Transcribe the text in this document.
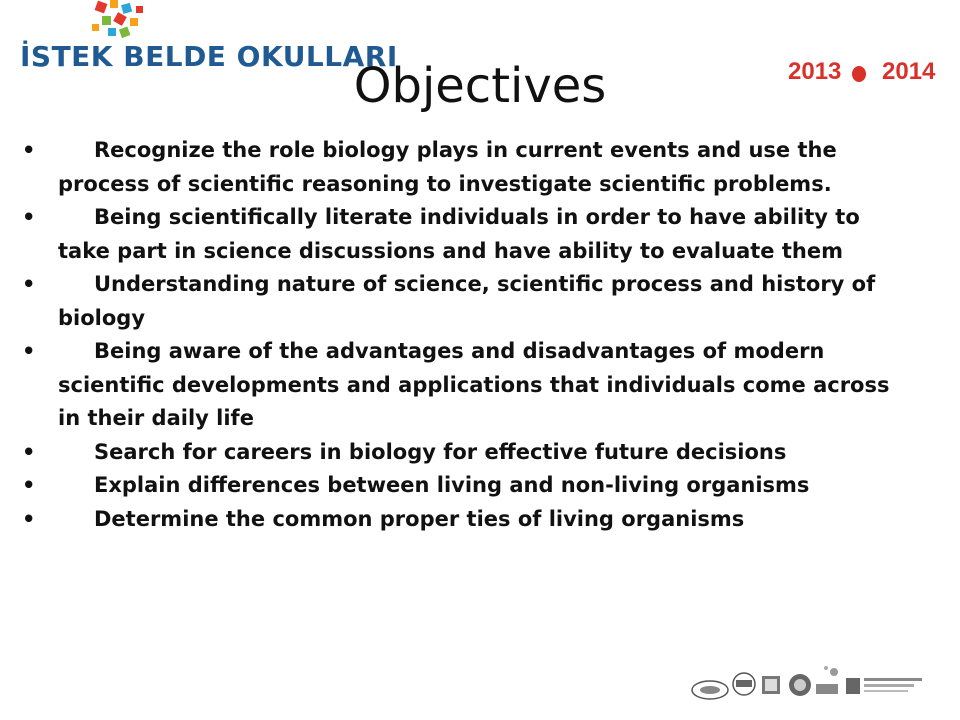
İSTEK BELDE OKULLARI
Objectives	2013 2014
• Recognize the role biology plays in current events and use the process of scientific reasoning to investigate scientific problems.
• Being scientifically literate individuals in order to have ability to take part in science discussions and have ability to evaluate them
• Understanding nature of science, scientific process and history of biology
• Being aware of the advantages and disadvantages of modern scientific developments and applications that individuals come across in their daily life
• Search for careers in biology for effective future decisions
• Explain differences between living and non-living organisms
• Determine the common proper ties of living organisms
